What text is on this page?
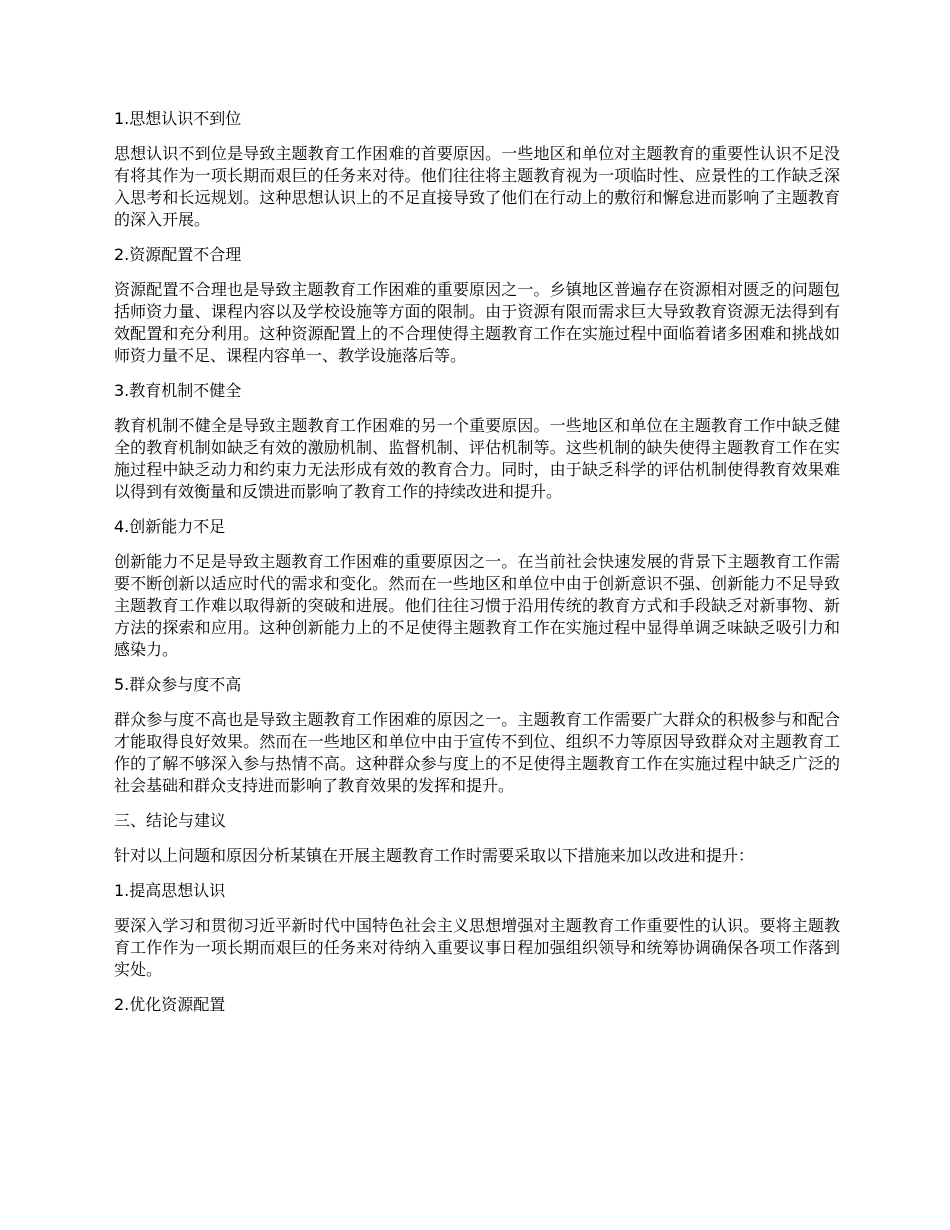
1.思想认识不到位
思想认识不到位是导致主题教育工作困难的首要原因。一些地区和单位对主题教育的重要性认识不足没有将其作为一项长期而艰巨的任务来对待。他们往往将主题教育视为一项临时性、应景性的工作缺乏深入思考和长远规划。这种思想认识上的不足直接导致了他们在行动上的敷衍和懈怠进而影响了主题教育的深入开展。
2.资源配置不合理
资源配置不合理也是导致主题教育工作困难的重要原因之一。乡镇地区普遍存在资源相对匮乏的问题包括师资力量、课程内容以及学校设施等方面的限制。由于资源有限而需求巨大导致教育资源无法得到有效配置和充分利用。这种资源配置上的不合理使得主题教育工作在实施过程中面临着诸多困难和挑战如师资力量不足、课程内容单一、教学设施落后等。
3.教育机制不健全
教育机制不健全是导致主题教育工作困难的另一个重要原因。一些地区和单位在主题教育工作中缺乏健全的教育机制如缺乏有效的激励机制、监督机制、评估机制等。这些机制的缺失使得主题教育工作在实施过程中缺乏动力和约束力无法形成有效的教育合力。同时，由于缺乏科学的评估机制使得教育效果难以得到有效衡量和反馈进而影响了教育工作的持续改进和提升。
4.创新能力不足
创新能力不足是导致主题教育工作困难的重要原因之一。在当前社会快速发展的背景下主题教育工作需要不断创新以适应时代的需求和变化。然而在一些地区和单位中由于创新意识不强、创新能力不足导致主题教育工作难以取得新的突破和进展。他们往往习惯于沿用传统的教育方式和手段缺乏对新事物、新方法的探索和应用。这种创新能力上的不足使得主题教育工作在实施过程中显得单调乏味缺乏吸引力和感染力。
5.群众参与度不高
群众参与度不高也是导致主题教育工作困难的原因之一。主题教育工作需要广大群众的积极参与和配合才能取得良好效果。然而在一些地区和单位中由于宣传不到位、组织不力等原因导致群众对主题教育工作的了解不够深入参与热情不高。这种群众参与度上的不足使得主题教育工作在实施过程中缺乏广泛的社会基础和群众支持进而影响了教育效果的发挥和提升。
三、结论与建议
针对以上问题和原因分析某镇在开展主题教育工作时需要采取以下措施来加以改进和提升：
1.提高思想认识
要深入学习和贯彻习近平新时代中国特色社会主义思想增强对主题教育工作重要性的认识。要将主题教育工作作为一项长期而艰巨的任务来对待纳入重要议事日程加强组织领导和统筹协调确保各项工作落到实处。
2.优化资源配置
